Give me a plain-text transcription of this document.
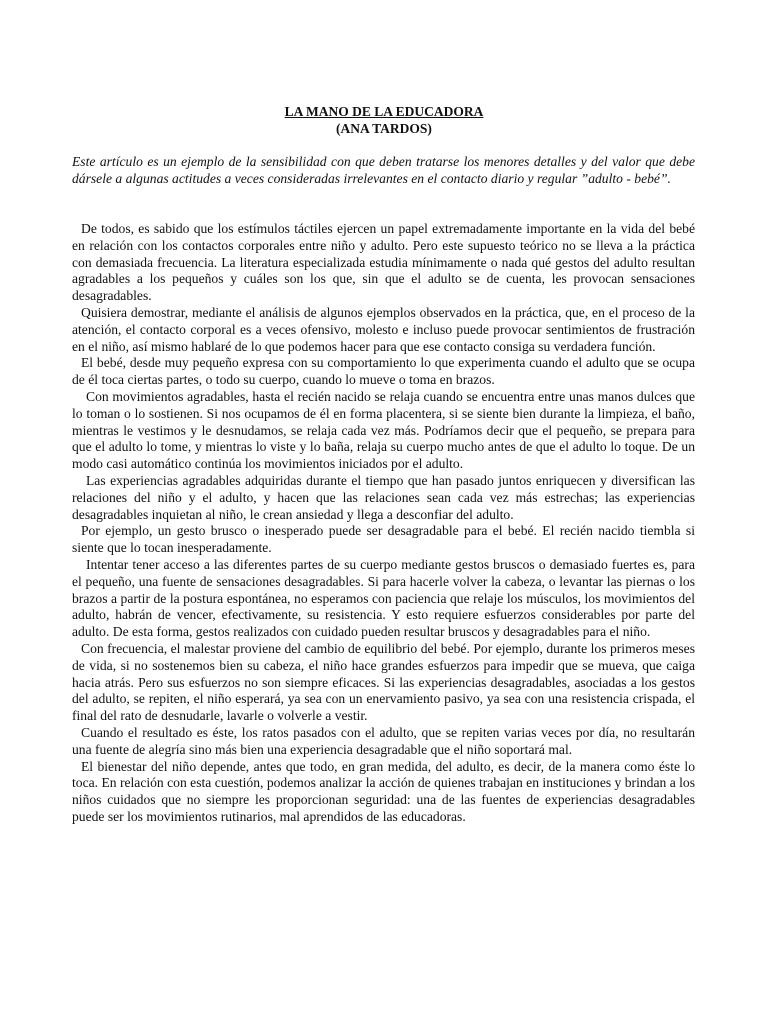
LA MANO DE LA EDUCADORA
(ANA TARDOS)

Este artículo es un ejemplo de la sensibilidad con que deben tratarse los menores detalles y del valor que debe dársele a algunas actitudes a veces consideradas irrelevantes en el contacto diario y regular ”adulto - bebé”.

De todos, es sabido que los estímulos táctiles ejercen un papel extremadamente importante en la vida del bebé en relación con los contactos corporales entre niño y adulto. Pero este supuesto teórico no se lleva a la práctica con demasiada frecuencia. La literatura especializada estudia mínimamente o nada qué gestos del adulto resultan agradables a los pequeños y cuáles son los que, sin que el adulto se de cuenta, les provocan sensaciones desagradables.

Quisiera demostrar, mediante el análisis de algunos ejemplos observados en la práctica, que, en el proceso de la atención, el contacto corporal es a veces ofensivo, molesto e incluso puede provocar sentimientos de frustración en el niño, así mismo hablaré de lo que podemos hacer para que ese contacto consiga su verdadera función.

El bebé, desde muy pequeño expresa con su comportamiento lo que experimenta cuando el adulto que se ocupa de él toca ciertas partes, o todo su cuerpo, cuando lo mueve o toma en brazos.

Con movimientos agradables, hasta el recién nacido se relaja cuando se encuentra entre unas manos dulces que lo toman o lo sostienen. Si nos ocupamos de él en forma placentera, si se siente bien durante la limpieza, el baño, mientras le vestimos y le desnudamos, se relaja cada vez más. Podríamos decir que el pequeño, se prepara para que el adulto lo tome, y mientras lo viste y lo baña, relaja su cuerpo mucho antes de que el adulto lo toque. De un modo casi automático continúa los movimientos iniciados por el adulto.

Las experiencias agradables adquiridas durante el tiempo que han pasado juntos enriquecen y diversifican las relaciones del niño y el adulto, y hacen que las relaciones sean cada vez más estrechas; las experiencias desagradables inquietan al niño, le crean ansiedad y llega a desconfiar del adulto.

Por ejemplo, un gesto brusco o inesperado puede ser desagradable para el bebé. El recién nacido tiembla si siente que lo tocan inesperadamente.

Intentar tener acceso a las diferentes partes de su cuerpo mediante gestos bruscos o demasiado fuertes es, para el pequeño, una fuente de sensaciones desagradables. Si para hacerle volver la cabeza, o levantar las piernas o los brazos a partir de la postura espontánea, no esperamos con paciencia que relaje los músculos, los movimientos del adulto, habrán de vencer, efectivamente, su resistencia. Y esto requiere esfuerzos considerables por parte del adulto. De esta forma, gestos realizados con cuidado pueden resultar bruscos y desagradables para el niño.

Con frecuencia, el malestar proviene del cambio de equilibrio del bebé. Por ejemplo, durante los primeros meses de vida, si no sostenemos bien su cabeza, el niño hace grandes esfuerzos para impedir que se mueva, que caiga hacia atrás. Pero sus esfuerzos no son siempre eficaces. Si las experiencias desagradables, asociadas a los gestos del adulto, se repiten, el niño esperará, ya sea con un enervamiento pasivo, ya sea con una resistencia crispada, el final del rato de desnudarle, lavarle o volverle a vestir.

Cuando el resultado es éste, los ratos pasados con el adulto, que se repiten varias veces por día, no resultarán una fuente de alegría sino más bien una experiencia desagradable que el niño soportará mal.

El bienestar del niño depende, antes que todo, en gran medida, del adulto, es decir, de la manera como éste lo toca. En relación con esta cuestión, podemos analizar la acción de quienes trabajan en instituciones y brindan a los niños cuidados que no siempre les proporcionan seguridad: una de las fuentes de experiencias desagradables puede ser los movimientos rutinarios, mal aprendidos de las educadoras.
